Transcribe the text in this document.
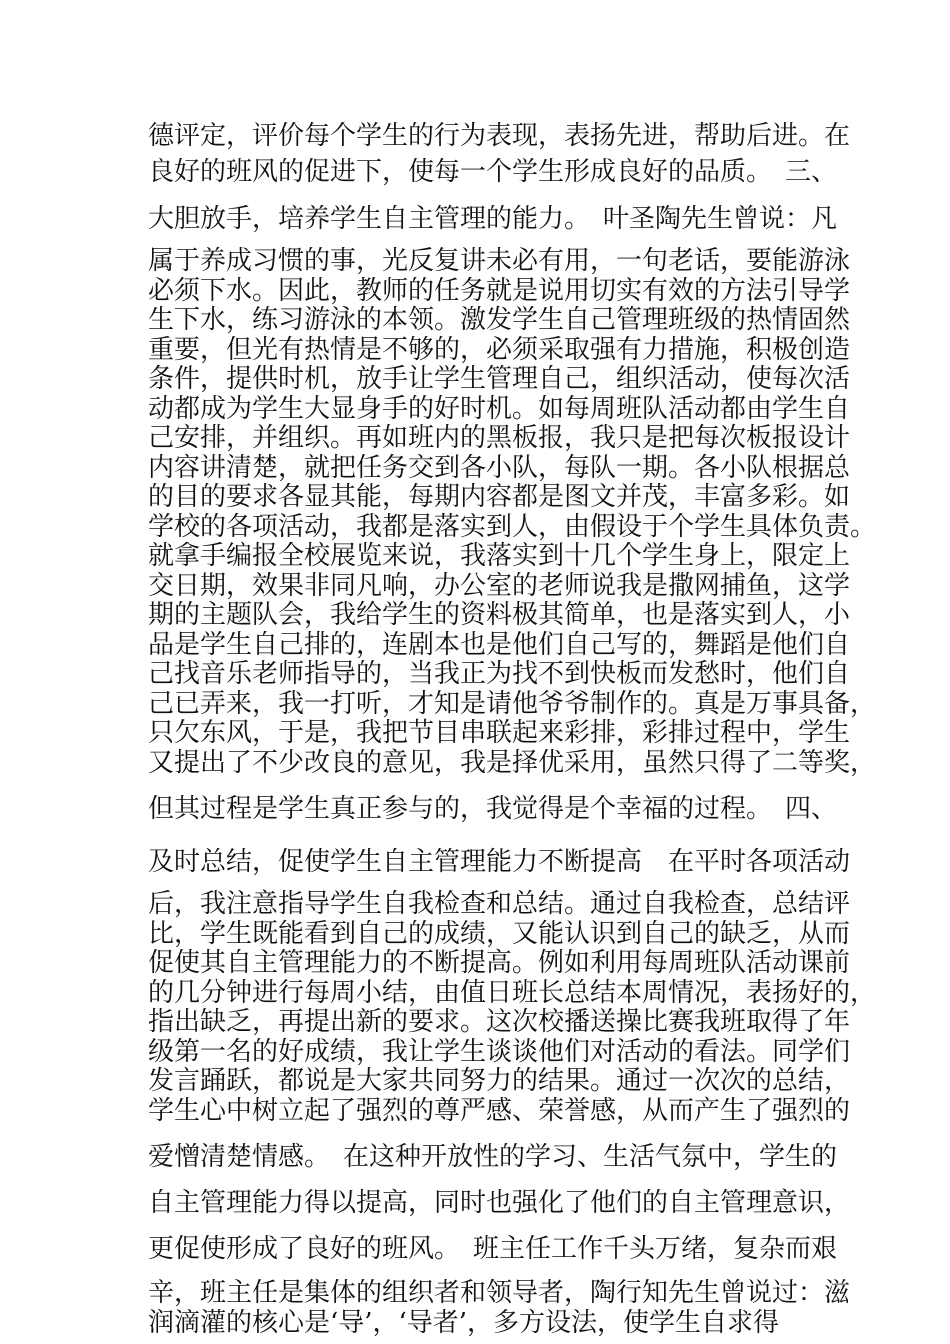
德评定，评价每个学生的行为表现，表扬先进，帮助后进。在
良好的班风的促进下，使每一个学生形成良好的品质。　三、
大胆放手，培养学生自主管理的能力。　叶圣陶先生曾说：凡
属于养成习惯的事，光反复讲未必有用，一句老话，要能游泳
必须下水。因此，教师的任务就是说用切实有效的方法引导学
生下水，练习游泳的本领。激发学生自己管理班级的热情固然
重要，但光有热情是不够的，必须采取强有力措施，积极创造
条件，提供时机，放手让学生管理自己，组织活动，使每次活
动都成为学生大显身手的好时机。如每周班队活动都由学生自
己安排，并组织。再如班内的黑板报，我只是把每次板报设计
内容讲清楚，就把任务交到各小队，每队一期。各小队根据总
的目的要求各显其能，每期内容都是图文并茂，丰富多彩。如
学校的各项活动，我都是落实到人，由假设于个学生具体负责。
就拿手编报全校展览来说，我落实到十几个学生身上，限定上
交日期，效果非同凡响，办公室的老师说我是撒网捕鱼，这学
期的主题队会，我给学生的资料极其简单，也是落实到人，小
品是学生自己排的，连剧本也是他们自己写的，舞蹈是他们自
己找音乐老师指导的，当我正为找不到快板而发愁时，他们自
己已弄来，我一打听，才知是请他爷爷制作的。真是万事具备，
只欠东风，于是，我把节目串联起来彩排，彩排过程中，学生
又提出了不少改良的意见，我是择优采用，虽然只得了二等奖，
但其过程是学生真正参与的，我觉得是个幸福的过程。　四、
及时总结，促使学生自主管理能力不断提高　在平时各项活动
后，我注意指导学生自我检查和总结。通过自我检查，总结评
比，学生既能看到自己的成绩，又能认识到自己的缺乏，从而
促使其自主管理能力的不断提高。例如利用每周班队活动课前
的几分钟进行每周小结，由值日班长总结本周情况，表扬好的，
指出缺乏，再提出新的要求。这次校播送操比赛我班取得了年
级第一名的好成绩，我让学生谈谈他们对活动的看法。同学们
发言踊跃，都说是大家共同努力的结果。通过一次次的总结，
学生心中树立起了强烈的尊严感、荣誉感，从而产生了强烈的
爱憎清楚情感。　在这种开放性的学习、生活气氛中，学生的
自主管理能力得以提高，同时也强化了他们的自主管理意识，
更促使形成了良好的班风。　班主任工作千头万绪，复杂而艰
辛，班主任是集体的组织者和领导者，陶行知先生曾说过：滋
润滴灌的核心是‘导’，‘导者’，多方设法，使学生自求得
